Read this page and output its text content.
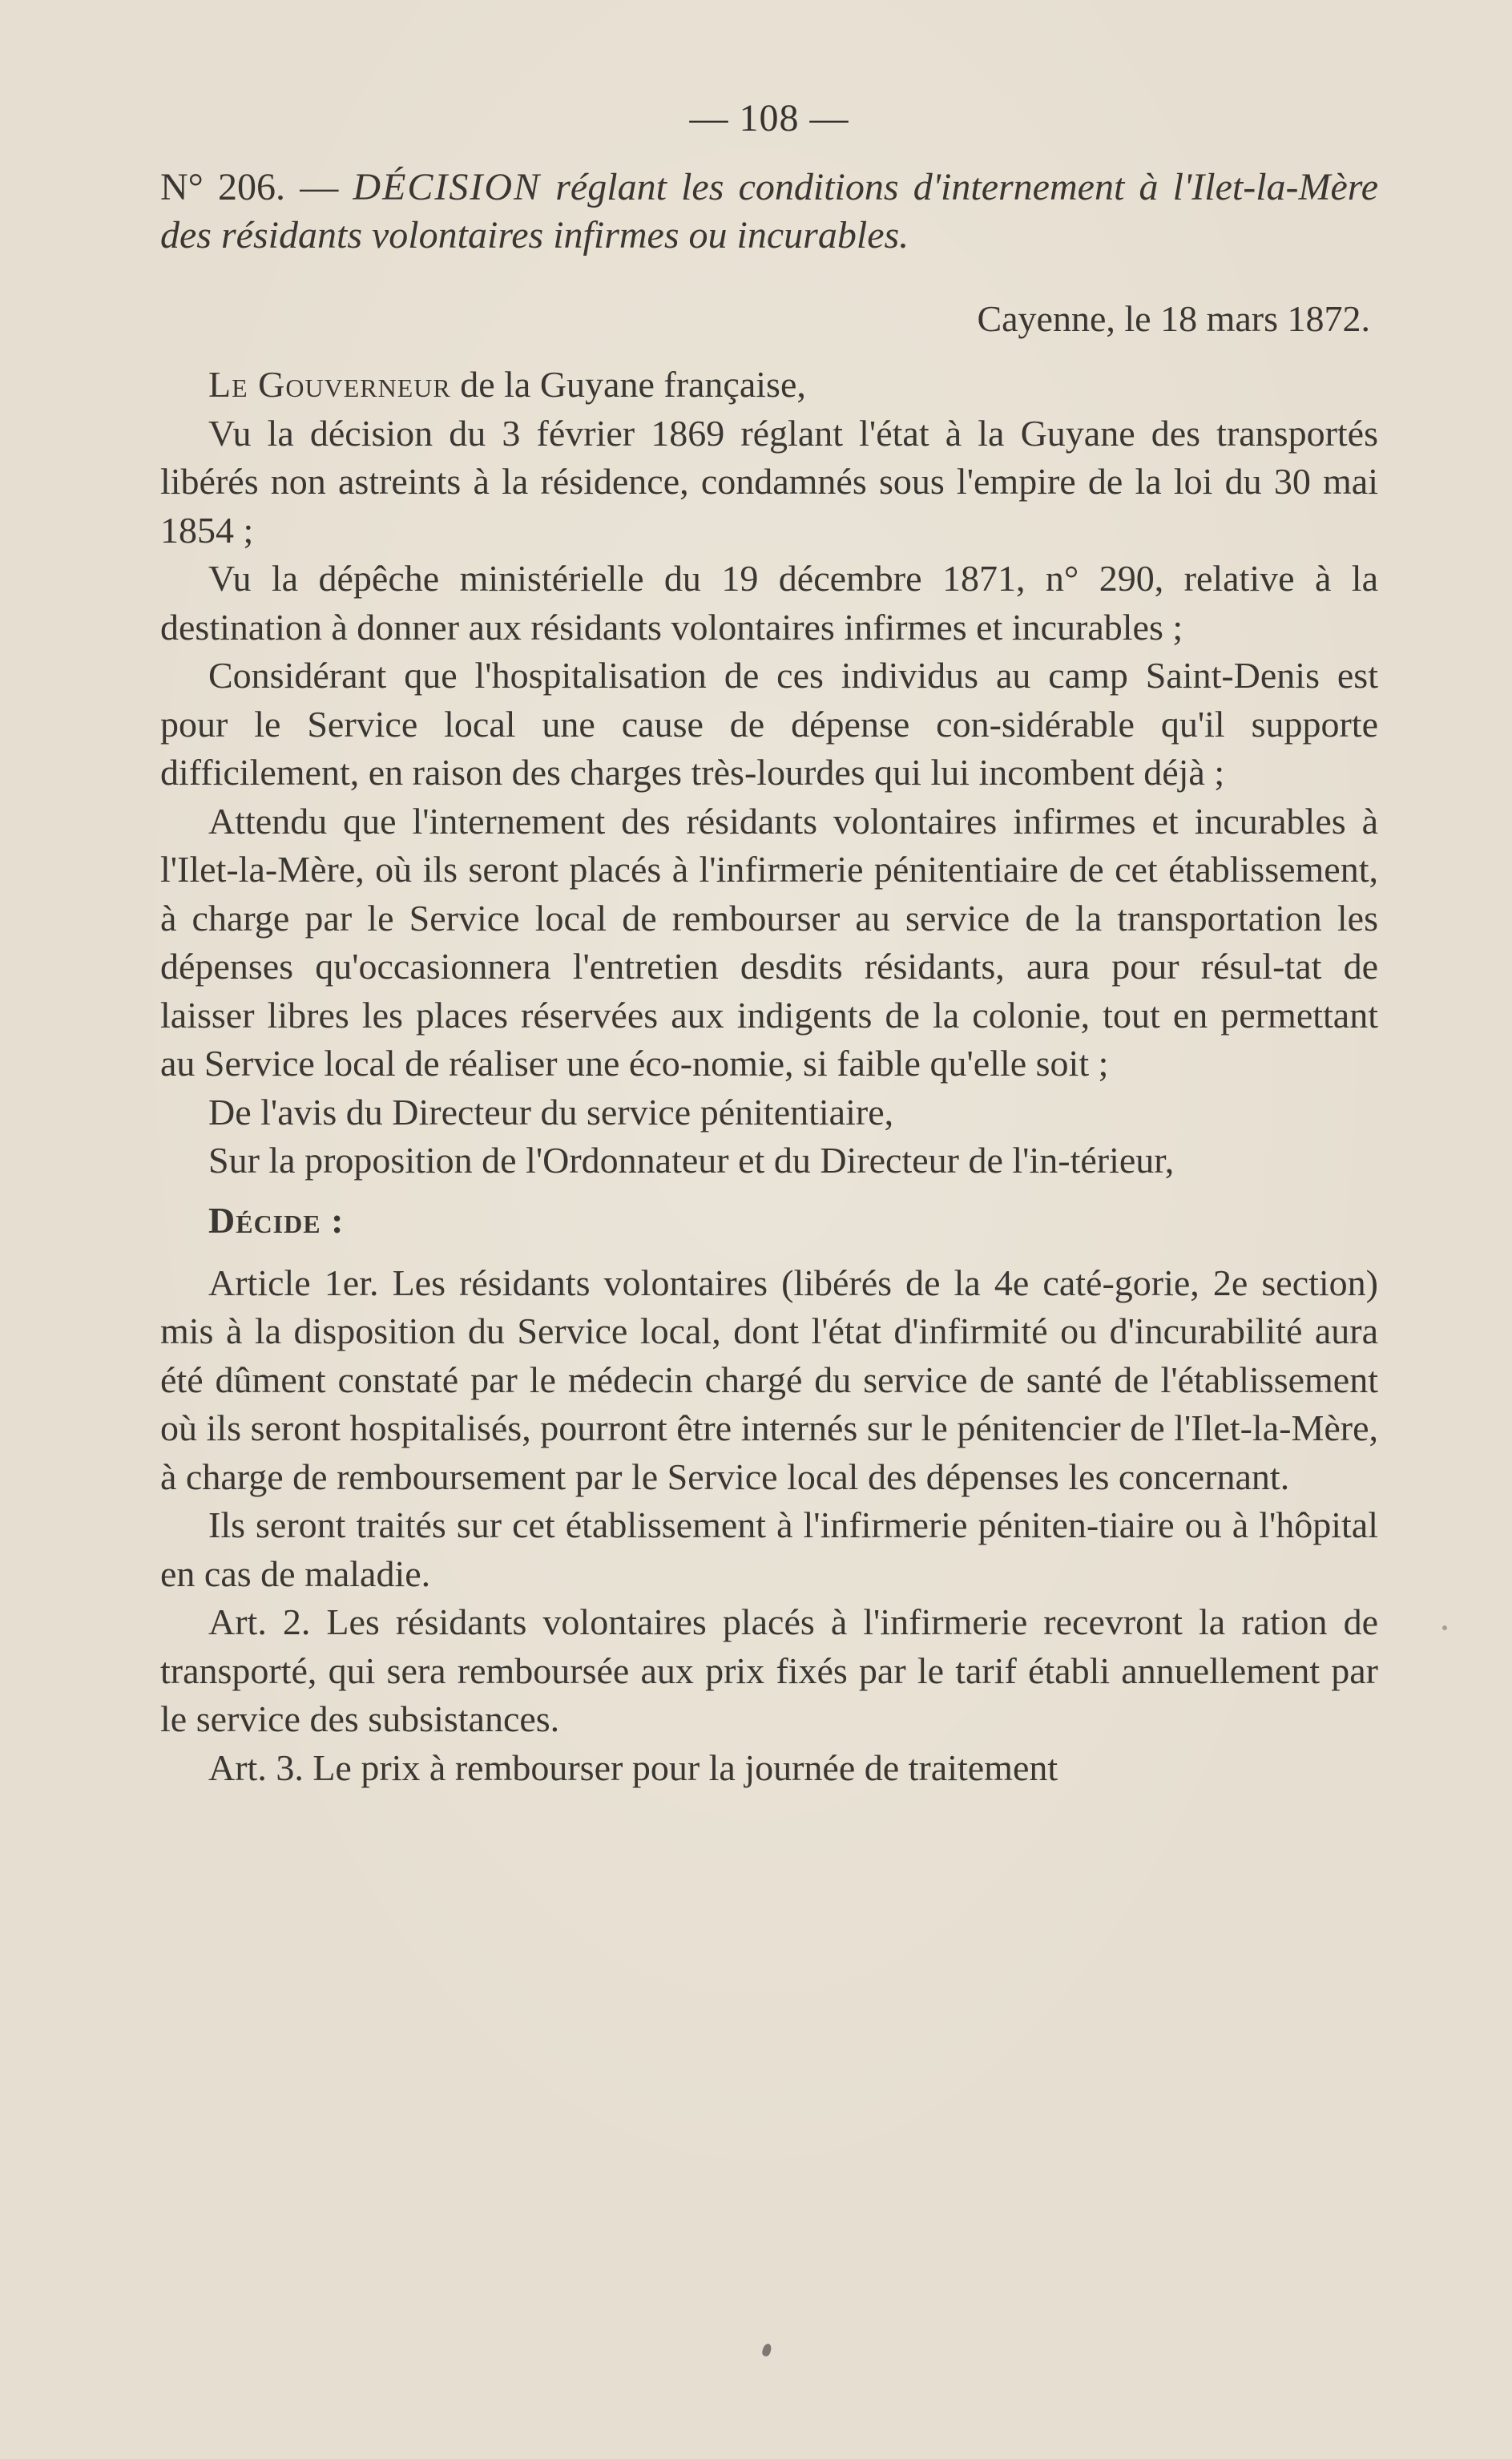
— 108 —

N° 206. — DÉCISION réglant les conditions d'internement à l'Ilet-la-Mère des résidants volontaires infirmes ou incurables.

Cayenne, le 18 mars 1872.

Le Gouverneur de la Guyane française,

Vu la décision du 3 février 1869 réglant l'état à la Guyane des transportés libérés non astreints à la résidence, condamnés sous l'empire de la loi du 30 mai 1854 ;

Vu la dépêche ministérielle du 19 décembre 1871, n° 290, relative à la destination à donner aux résidants volontaires infirmes et incurables ;

Considérant que l'hospitalisation de ces individus au camp Saint-Denis est pour le Service local une cause de dépense con-sidérable qu'il supporte difficilement, en raison des charges très-lourdes qui lui incombent déjà ;

Attendu que l'internement des résidants volontaires infirmes et incurables à l'Ilet-la-Mère, où ils seront placés à l'infirmerie pénitentiaire de cet établissement, à charge par le Service local de rembourser au service de la transportation les dépenses qu'occasionnera l'entretien desdits résidants, aura pour résul-tat de laisser libres les places réservées aux indigents de la colonie, tout en permettant au Service local de réaliser une éco-nomie, si faible qu'elle soit ;

De l'avis du Directeur du service pénitentiaire,

Sur la proposition de l'Ordonnateur et du Directeur de l'in-térieur,

Décide :

Article 1er. Les résidants volontaires (libérés de la 4e caté-gorie, 2e section) mis à la disposition du Service local, dont l'état d'infirmité ou d'incurabilité aura été dûment constaté par le médecin chargé du service de santé de l'établissement où ils seront hospitalisés, pourront être internés sur le pénitencier de l'Ilet-la-Mère, à charge de remboursement par le Service local des dépenses les concernant.

Ils seront traités sur cet établissement à l'infirmerie péniten-tiaire ou à l'hôpital en cas de maladie.

Art. 2. Les résidants volontaires placés à l'infirmerie recevront la ration de transporté, qui sera remboursée aux prix fixés par le tarif établi annuellement par le service des subsistances.

Art. 3. Le prix à rembourser pour la journée de traitement
